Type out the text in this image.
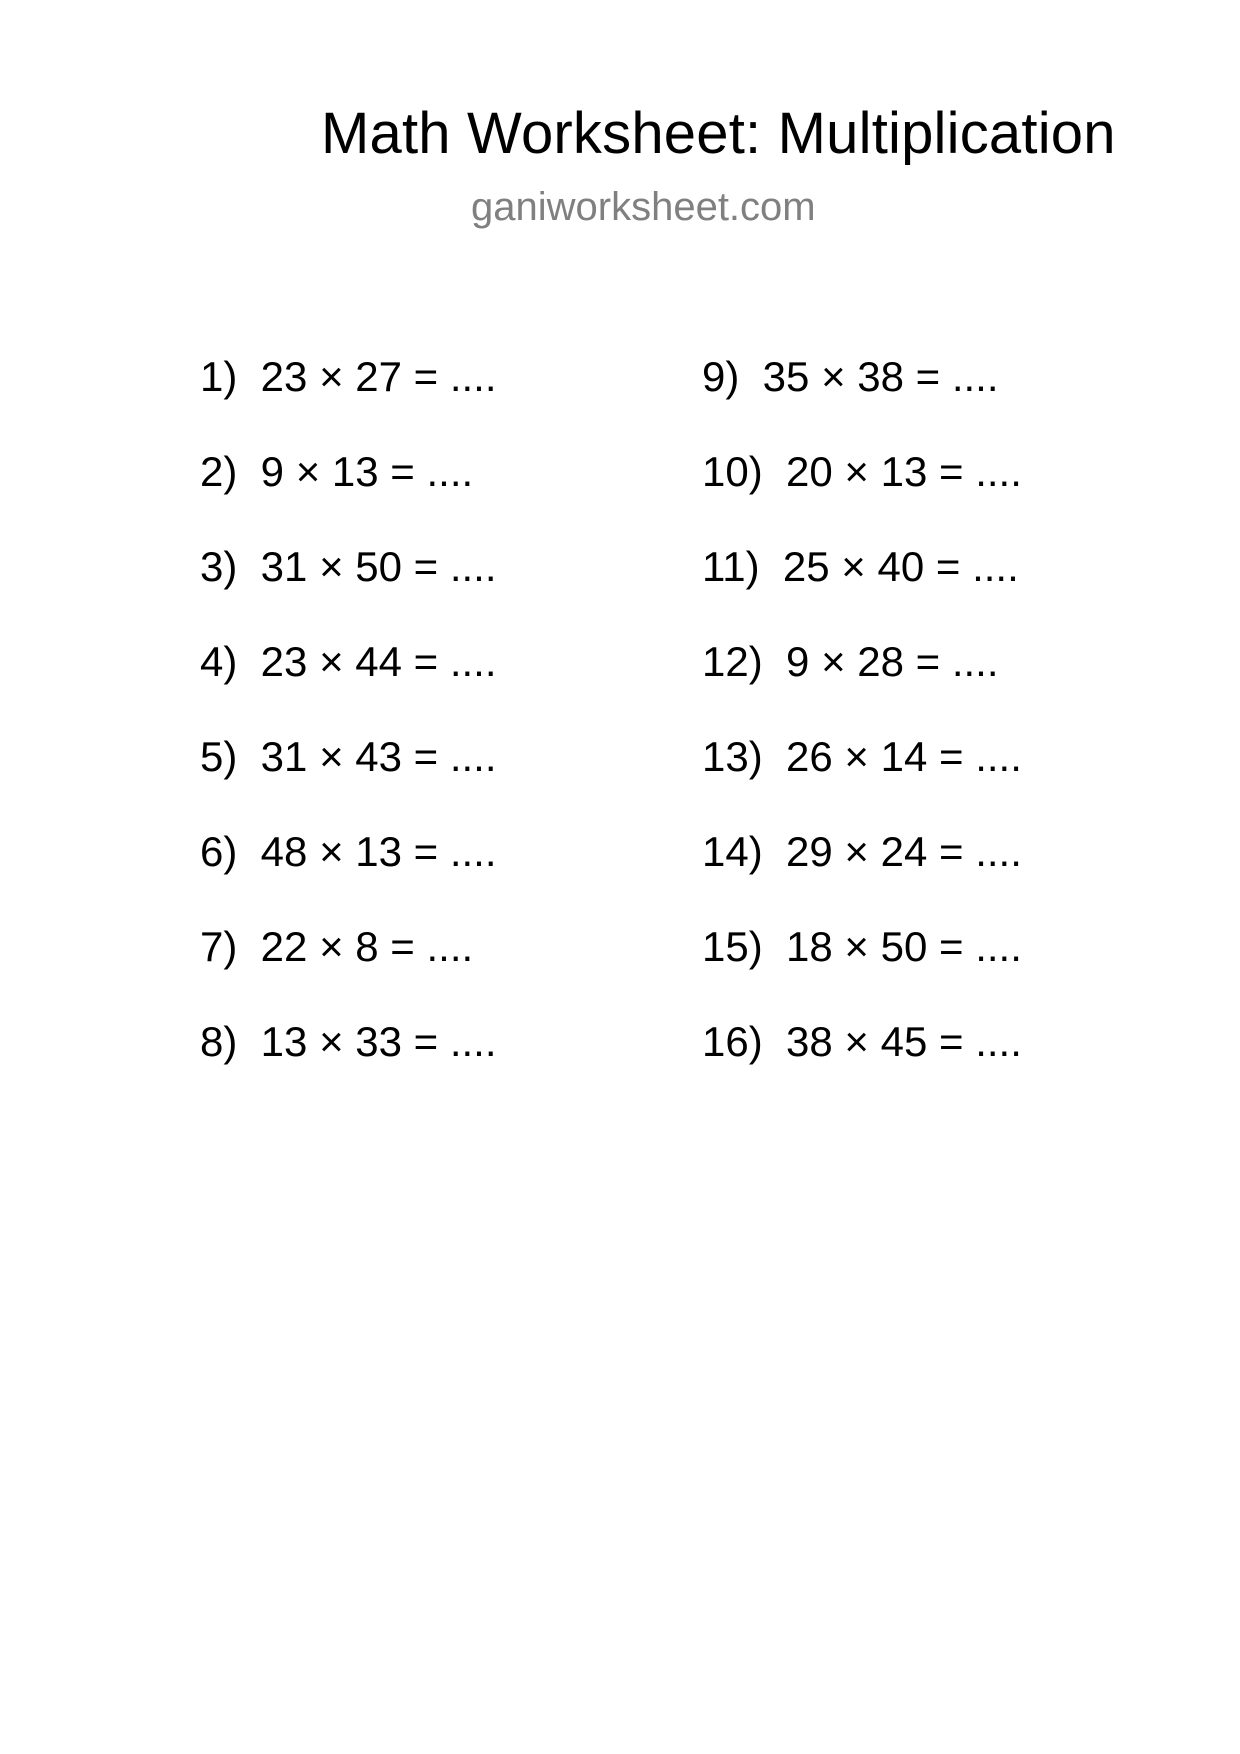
Math Worksheet: Multiplication
ganiworksheet.com
1)  23 × 27 = ....
2)  9 × 13 = ....
3)  31 × 50 = ....
4)  23 × 44 = ....
5)  31 × 43 = ....
6)  48 × 13 = ....
7)  22 × 8 = ....
8)  13 × 33 = ....
9)  35 × 38 = ....
10)  20 × 13 = ....
11)  25 × 40 = ....
12)  9 × 28 = ....
13)  26 × 14 = ....
14)  29 × 24 = ....
15)  18 × 50 = ....
16)  38 × 45 = ....
